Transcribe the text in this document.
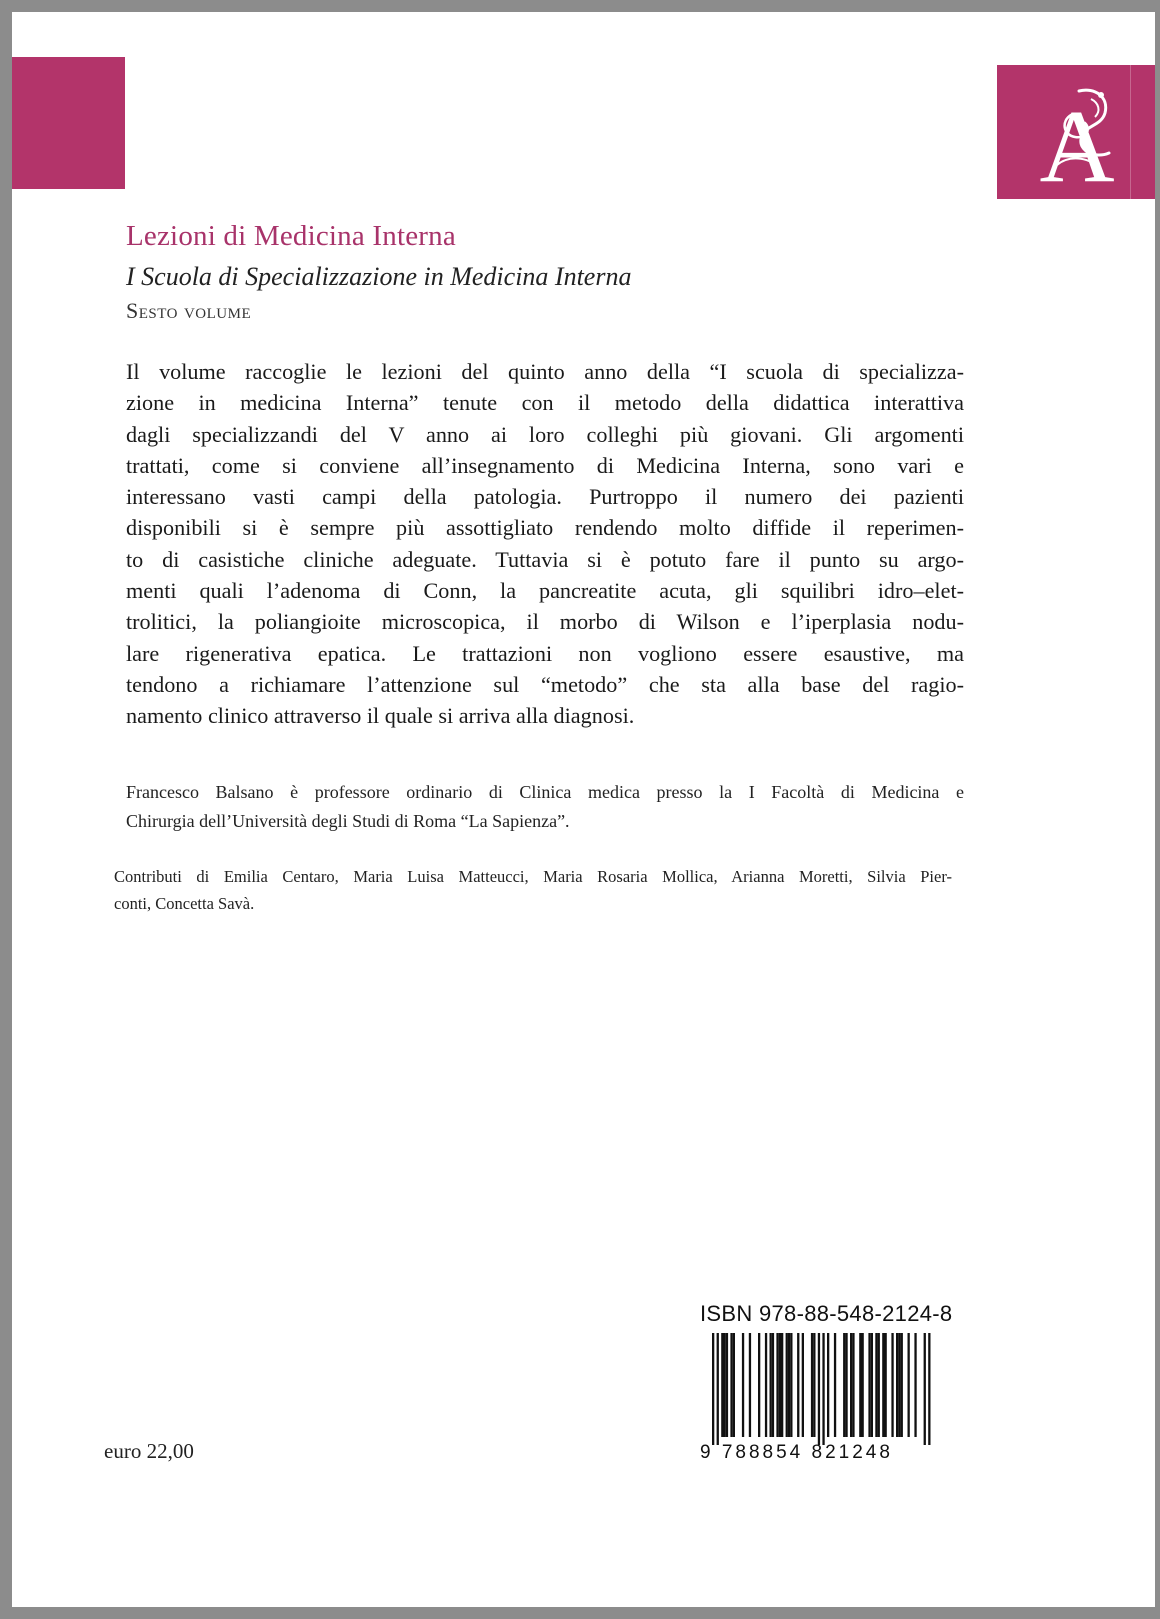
A
Lezioni di Medicina Interna
I Scuola di Specializzazione in Medicina Interna
Sesto volume
Il volume raccoglie le lezioni del quinto anno della “I scuola di specializza-
zione in medicina Interna” tenute con il metodo della didattica interattiva
dagli specializzandi del V anno ai loro colleghi più giovani. Gli argomenti
trattati, come si conviene all’insegnamento di Medicina Interna, sono vari e
interessano vasti campi della patologia. Purtroppo il numero dei pazienti
disponibili si è sempre più assottigliato rendendo molto diffide il reperimen-
to di casistiche cliniche adeguate. Tuttavia si è potuto fare il punto su argo-
menti quali l’adenoma di Conn, la pancreatite acuta, gli squilibri idro–elet-
trolitici, la poliangioite microscopica, il morbo di Wilson e l’iperplasia nodu-
lare rigenerativa epatica. Le trattazioni non vogliono essere esaustive, ma
tendono a richiamare l’attenzione sul “metodo” che sta alla base del ragio-
namento clinico attraverso il quale si arriva alla diagnosi.
Francesco Balsano è professore ordinario di Clinica medica presso la I Facoltà di Medicina e
Chirurgia dell’Università degli Studi di Roma “La Sapienza”.
Contributi di Emilia Centaro, Maria Luisa Matteucci, Maria Rosaria Mollica, Arianna Moretti, Silvia Pier-
conti, Concetta Savà.
ISBN 978-88-548-2124-8
9 788854 821248
euro 22,00
